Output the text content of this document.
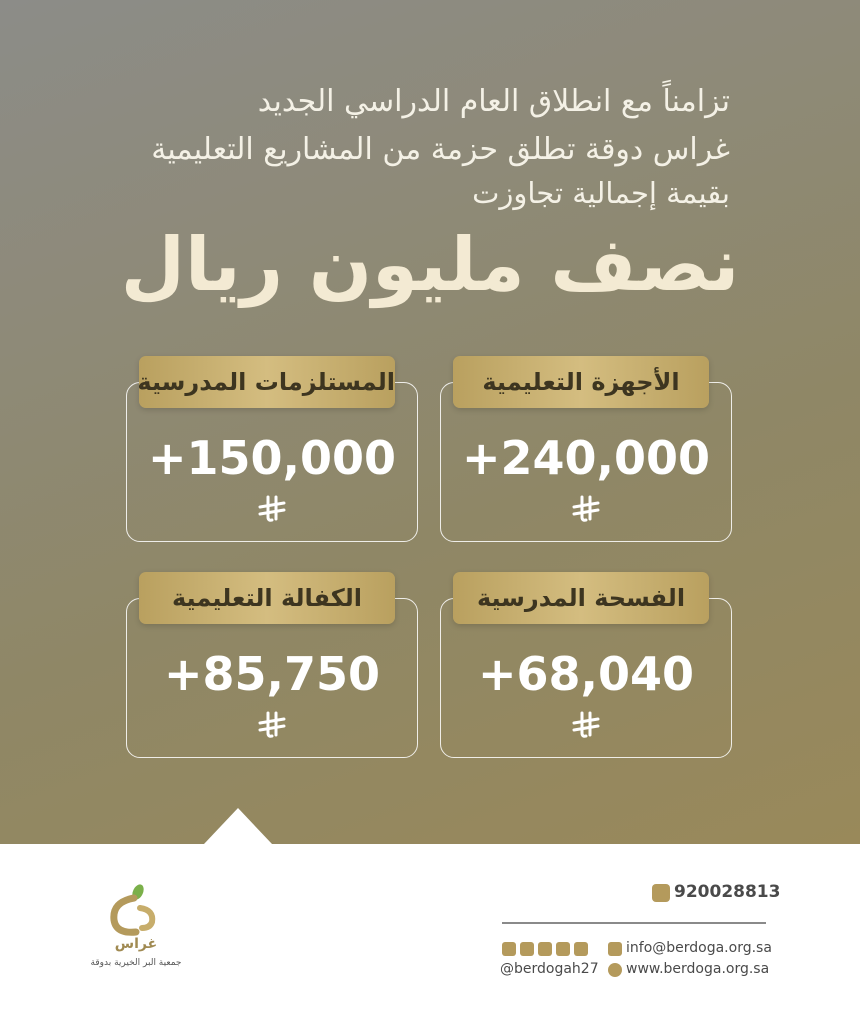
تزامناً مع انطلاق العام الدراسي الجديد
غراس دوقة تطلق حزمة من المشاريع التعليمية
بقيمة إجمالية تجاوزت
نصف مليون ريال
الأجهزة التعليمية
+240,000
المستلزمات المدرسية
+150,000
الفسحة المدرسية
+68,040
الكفالة التعليمية
+85,750
غراس
جمعية البر الخيرية بدوقة
920028813
@berdogah27
info@berdoga.org.sa
www.berdoga.org.sa
